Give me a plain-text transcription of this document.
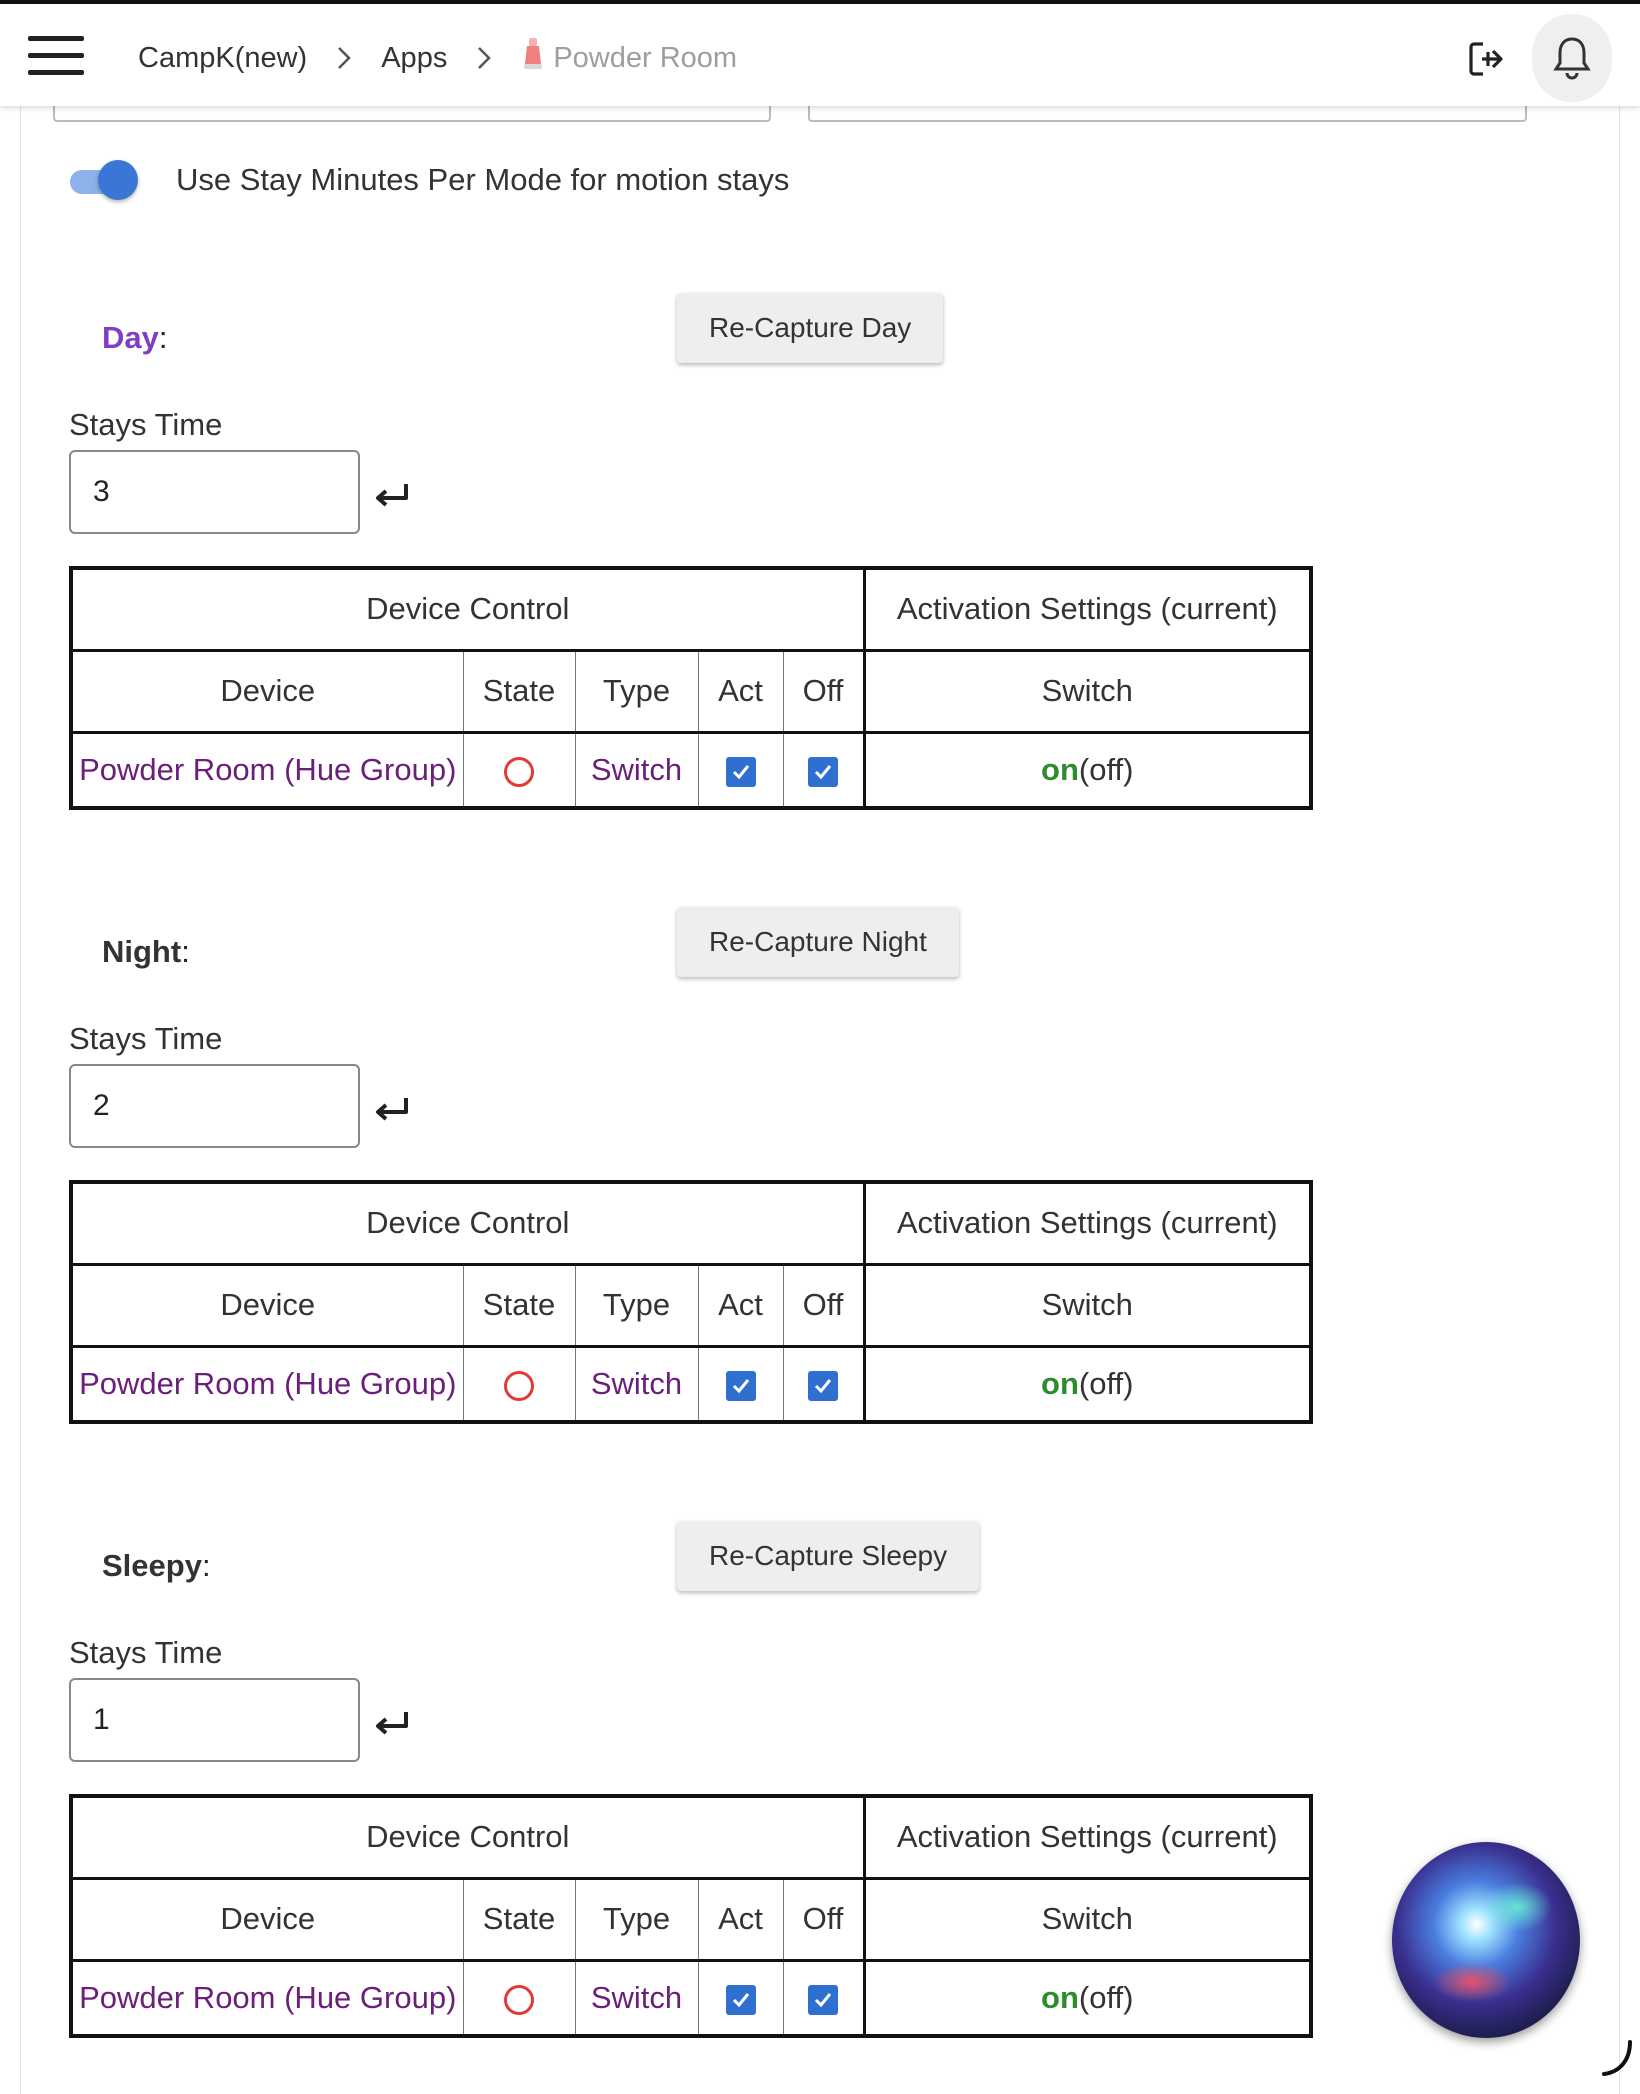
CampK(new)	Apps	Powder Room
Use Stay Minutes Per Mode for motion stays
Day:	Re-Capture Day
Stays Time
3
Device Control					Activation Settings (current)
Device	State	Type	Act	Off	Switch
Powder Room (Hue Group)		Switch			on(off)
Night:	Re-Capture Night
Stays Time
2
Device Control					Activation Settings (current)
Device	State	Type	Act	Off	Switch
Powder Room (Hue Group)		Switch			on(off)
Sleepy:	Re-Capture Sleepy
Stays Time
1
Device Control					Activation Settings (current)
Device	State	Type	Act	Off	Switch
Powder Room (Hue Group)		Switch			on(off)
